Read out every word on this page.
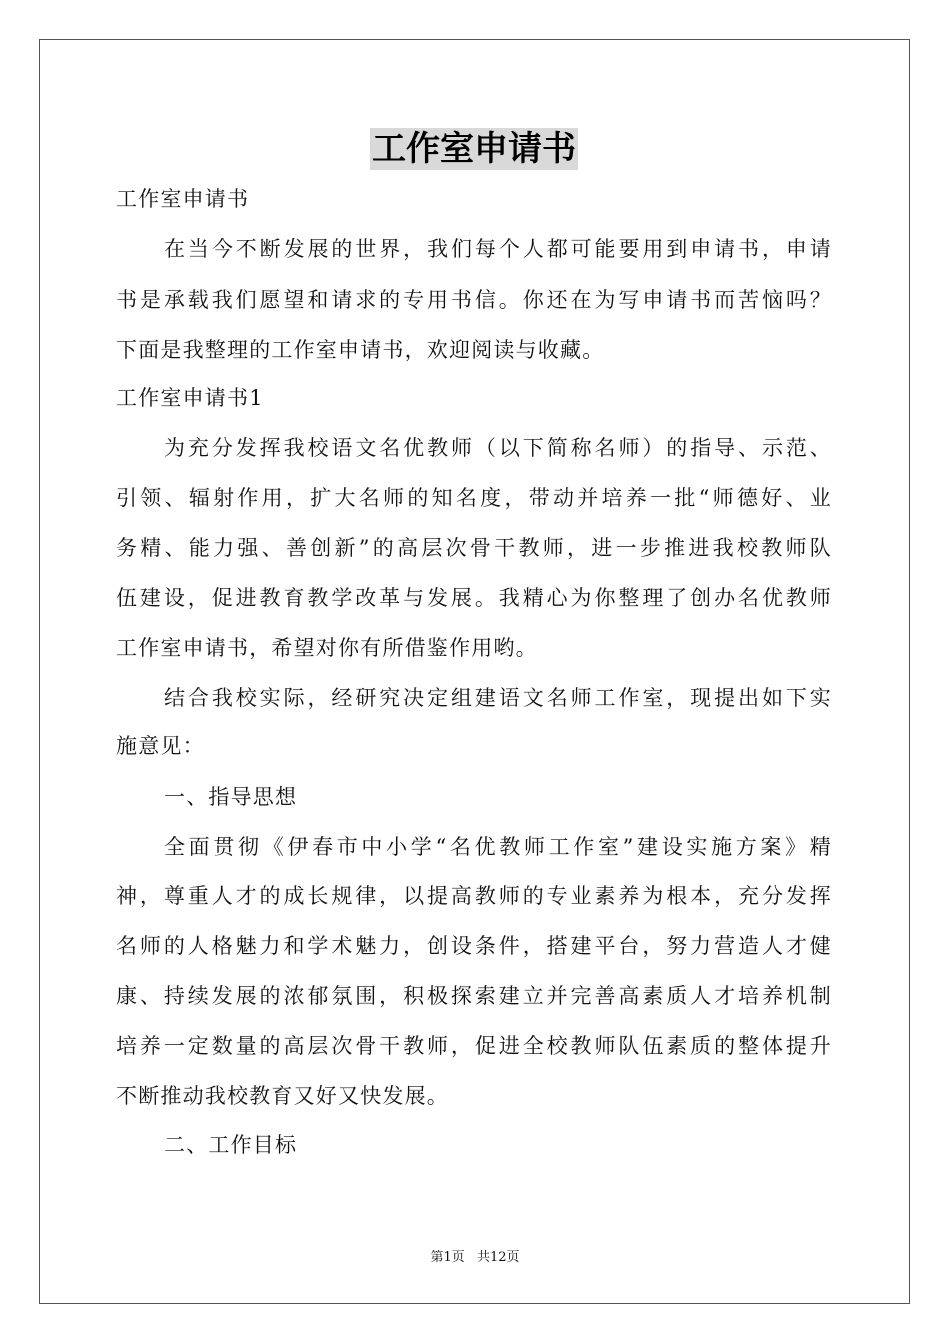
工作室申请书
工作室申请书
在当今不断发展的世界，我们每个人都可能要用到申请书，申请
书是承载我们愿望和请求的专用书信。你还在为写申请书而苦恼吗？
下面是我整理的工作室申请书，欢迎阅读与收藏。
工作室申请书1
为充分发挥我校语文名优教师（以下简称名师）的指导、示范、
引领、辐射作用，扩大名师的知名度，带动并培养一批“师德好、业
务精、能力强、善创新”的高层次骨干教师，进一步推进我校教师队
伍建设，促进教育教学改革与发展。我精心为你整理了创办名优教师
工作室申请书，希望对你有所借鉴作用哟。
结合我校实际，经研究决定组建语文名师工作室，现提出如下实
施意见：
一、指导思想
全面贯彻《伊春市中小学“名优教师工作室”建设实施方案》精
神，尊重人才的成长规律，以提高教师的专业素养为根本，充分发挥
名师的人格魅力和学术魅力，创设条件，搭建平台，努力营造人才健
康、持续发展的浓郁氛围，积极探索建立并完善高素质人才培养机制
培养一定数量的高层次骨干教师，促进全校教师队伍素质的整体提升
不断推动我校教育又好又快发展。
二、工作目标
第1页 共12页
